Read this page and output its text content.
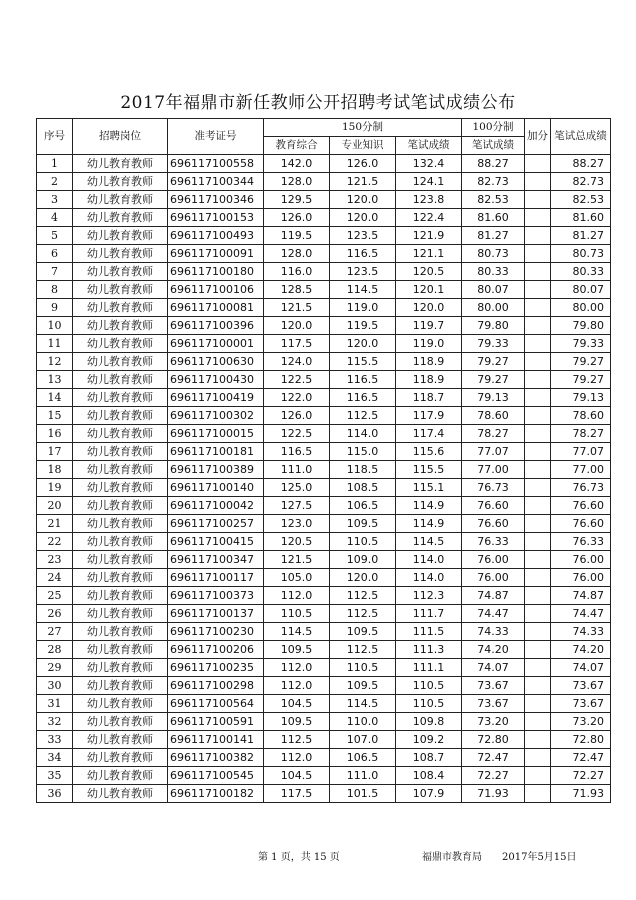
2017年福鼎市新任教师公开招聘考试笔试成绩公布
序号	招聘岗位	准考证号	150分制			100分制	加分	笔试总成绩
			教育综合	专业知识	笔试成绩	笔试成绩		
1	幼儿教育教师	696117100558	142.0	126.0	132.4	88.27		88.27
2	幼儿教育教师	696117100344	128.0	121.5	124.1	82.73		82.73
3	幼儿教育教师	696117100346	129.5	120.0	123.8	82.53		82.53
4	幼儿教育教师	696117100153	126.0	120.0	122.4	81.60		81.60
5	幼儿教育教师	696117100493	119.5	123.5	121.9	81.27		81.27
6	幼儿教育教师	696117100091	128.0	116.5	121.1	80.73		80.73
7	幼儿教育教师	696117100180	116.0	123.5	120.5	80.33		80.33
8	幼儿教育教师	696117100106	128.5	114.5	120.1	80.07		80.07
9	幼儿教育教师	696117100081	121.5	119.0	120.0	80.00		80.00
10	幼儿教育教师	696117100396	120.0	119.5	119.7	79.80		79.80
11	幼儿教育教师	696117100001	117.5	120.0	119.0	79.33		79.33
12	幼儿教育教师	696117100630	124.0	115.5	118.9	79.27		79.27
13	幼儿教育教师	696117100430	122.5	116.5	118.9	79.27		79.27
14	幼儿教育教师	696117100419	122.0	116.5	118.7	79.13		79.13
15	幼儿教育教师	696117100302	126.0	112.5	117.9	78.60		78.60
16	幼儿教育教师	696117100015	122.5	114.0	117.4	78.27		78.27
17	幼儿教育教师	696117100181	116.5	115.0	115.6	77.07		77.07
18	幼儿教育教师	696117100389	111.0	118.5	115.5	77.00		77.00
19	幼儿教育教师	696117100140	125.0	108.5	115.1	76.73		76.73
20	幼儿教育教师	696117100042	127.5	106.5	114.9	76.60		76.60
21	幼儿教育教师	696117100257	123.0	109.5	114.9	76.60		76.60
22	幼儿教育教师	696117100415	120.5	110.5	114.5	76.33		76.33
23	幼儿教育教师	696117100347	121.5	109.0	114.0	76.00		76.00
24	幼儿教育教师	696117100117	105.0	120.0	114.0	76.00		76.00
25	幼儿教育教师	696117100373	112.0	112.5	112.3	74.87		74.87
26	幼儿教育教师	696117100137	110.5	112.5	111.7	74.47		74.47
27	幼儿教育教师	696117100230	114.5	109.5	111.5	74.33		74.33
28	幼儿教育教师	696117100206	109.5	112.5	111.3	74.20		74.20
29	幼儿教育教师	696117100235	112.0	110.5	111.1	74.07		74.07
30	幼儿教育教师	696117100298	112.0	109.5	110.5	73.67		73.67
31	幼儿教育教师	696117100564	104.5	114.5	110.5	73.67		73.67
32	幼儿教育教师	696117100591	109.5	110.0	109.8	73.20		73.20
33	幼儿教育教师	696117100141	112.5	107.0	109.2	72.80		72.80
34	幼儿教育教师	696117100382	112.0	106.5	108.7	72.47		72.47
35	幼儿教育教师	696117100545	104.5	111.0	108.4	72.27		72.27
36	幼儿教育教师	696117100182	117.5	101.5	107.9	71.93		71.93
第 1 页，共 15 页	福鼎市教育局 2017年5月15日
